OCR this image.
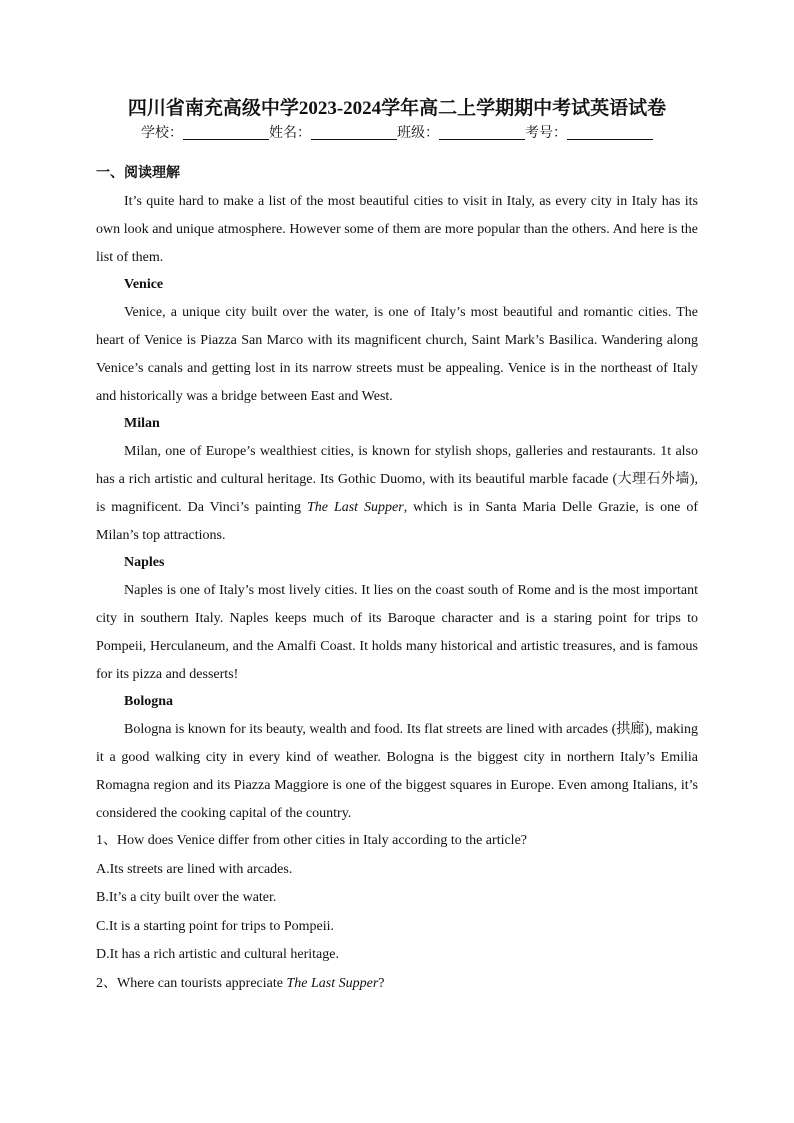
四川省南充高级中学2023-2024学年高二上学期期中考试英语试卷

学校：	姓名：	班级：	考号：

一、阅读理解

It’s quite hard to make a list of the most beautiful cities to visit in Italy, as every city in Italy has its own look and unique atmosphere. However some of them are more popular than the others. And here is the list of them.

Venice

Venice, a unique city built over the water, is one of Italy’s most beautiful and romantic cities. The heart of Venice is Piazza San Marco with its magnificent church, Saint Mark’s Basilica. Wandering along Venice’s canals and getting lost in its narrow streets must be appealing. Venice is in the northeast of Italy and historically was a bridge between East and West.

Milan

Milan, one of Europe’s wealthiest cities, is known for stylish shops, galleries and restaurants. 1t also has a rich artistic and cultural heritage. Its Gothic Duomo, with its beautiful marble facade (大理石外墙), is magnificent. Da Vinci’s painting The Last Supper, which is in Santa Maria Delle Grazie, is one of Milan’s top attractions.

Naples

Naples is one of Italy’s most lively cities. It lies on the coast south of Rome and is the most important city in southern Italy. Naples keeps much of its Baroque character and is a staring point for trips to Pompeii, Herculaneum, and the Amalfi Coast. It holds many historical and artistic treasures, and is famous for its pizza and desserts!

Bologna

Bologna is known for its beauty, wealth and food. Its flat streets are lined with arcades (拱廊), making it a good walking city in every kind of weather. Bologna is the biggest city in northern Italy’s Emilia Romagna region and its Piazza Maggiore is one of the biggest squares in Europe. Even among Italians, it’s considered the cooking capital of the country.

1、How does Venice differ from other cities in Italy according to the article?

A.Its streets are lined with arcades.

B.It’s a city built over the water.

C.It is a starting point for trips to Pompeii.

D.It has a rich artistic and cultural heritage.

2、Where can tourists appreciate The Last Supper?
